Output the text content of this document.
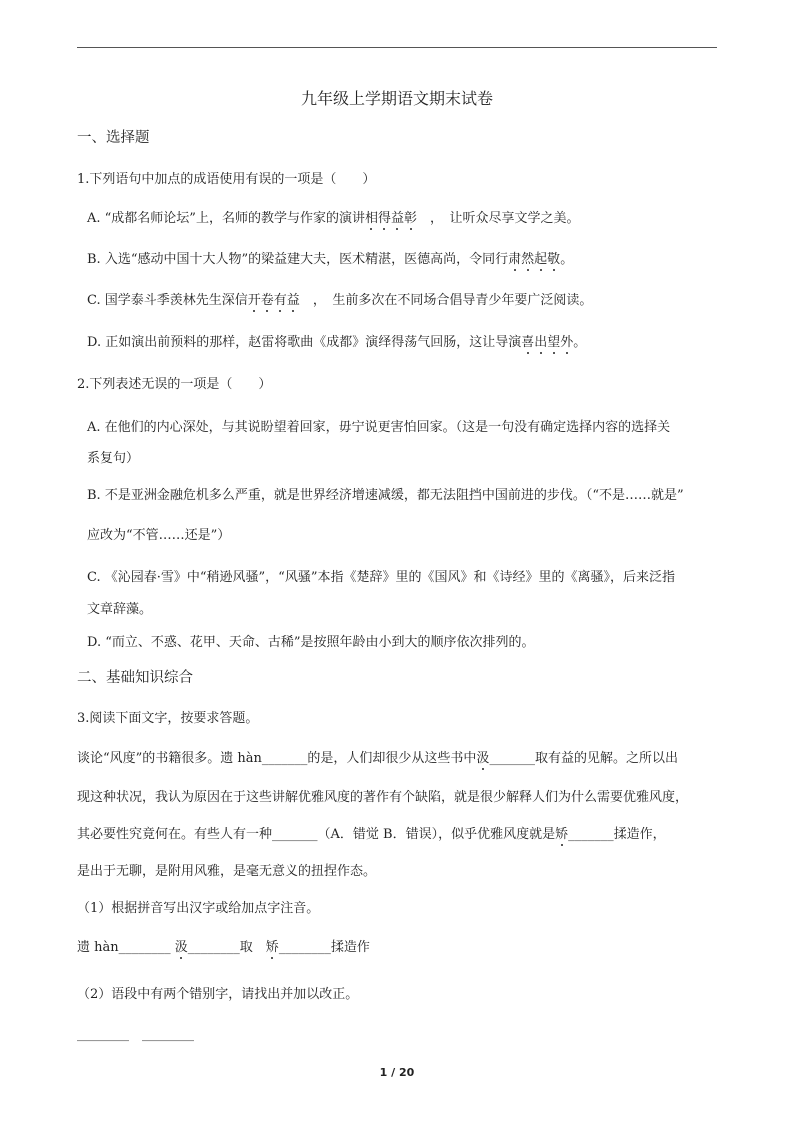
九年级上学期语文期末试卷
一、选择题
1.下列语句中加点的成语使用有误的一项是（　　）
A. “成都名师论坛”上，名师的教学与作家的演讲相得益彰　，　让听众尽享文学之美。
B. 入选“感动中国十大人物”的梁益建大夫，医术精湛，医德高尚，令同行肃然起敬。
C. 国学泰斗季羡林先生深信开卷有益　，　生前多次在不同场合倡导青少年要广泛阅读。
D. 正如演出前预料的那样，赵雷将歌曲《成都》演绎得荡气回肠，这让导演喜出望外。
2.下列表述无误的一项是（　　）
A. 在他们的内心深处，与其说盼望着回家，毋宁说更害怕回家。（这是一句没有确定选择内容的选择关
系复句）
B. 不是亚洲金融危机多么严重，就是世界经济增速减缓，都无法阻挡中国前进的步伐。（“不是……就是”
应改为“不管……还是”）
C. 《沁园春·雪》中“稍逊风骚”，“风骚”本指《楚辞》里的《国风》和《诗经》里的《离骚》，后来泛指
文章辞藻。
D. “而立、不惑、花甲、天命、古稀”是按照年龄由小到大的顺序依次排列的。
二、基础知识综合
3.阅读下面文字，按要求答题。
谈论“风度”的书籍很多。遗 hàn_______的是，人们却很少从这些书中汲_______取有益的见解。之所以出
现这种状况，我认为原因在于这些讲解优雅风度的著作有个缺陷，就是很少解释人们为什么需要优雅风度，
其必要性究竟何在。有些人有一种_______（A．错觉 B．错误），似乎优雅风度就是矫_______揉造作，
是出于无聊，是附用风雅，是毫无意义的扭捏作态。
（1）根据拼音写出汉字或给加点字注音。
遗 hàn________ 汲________取　矫________揉造作
（2）语段中有两个错别字，请找出并加以改正。
________　________
1 / 20
